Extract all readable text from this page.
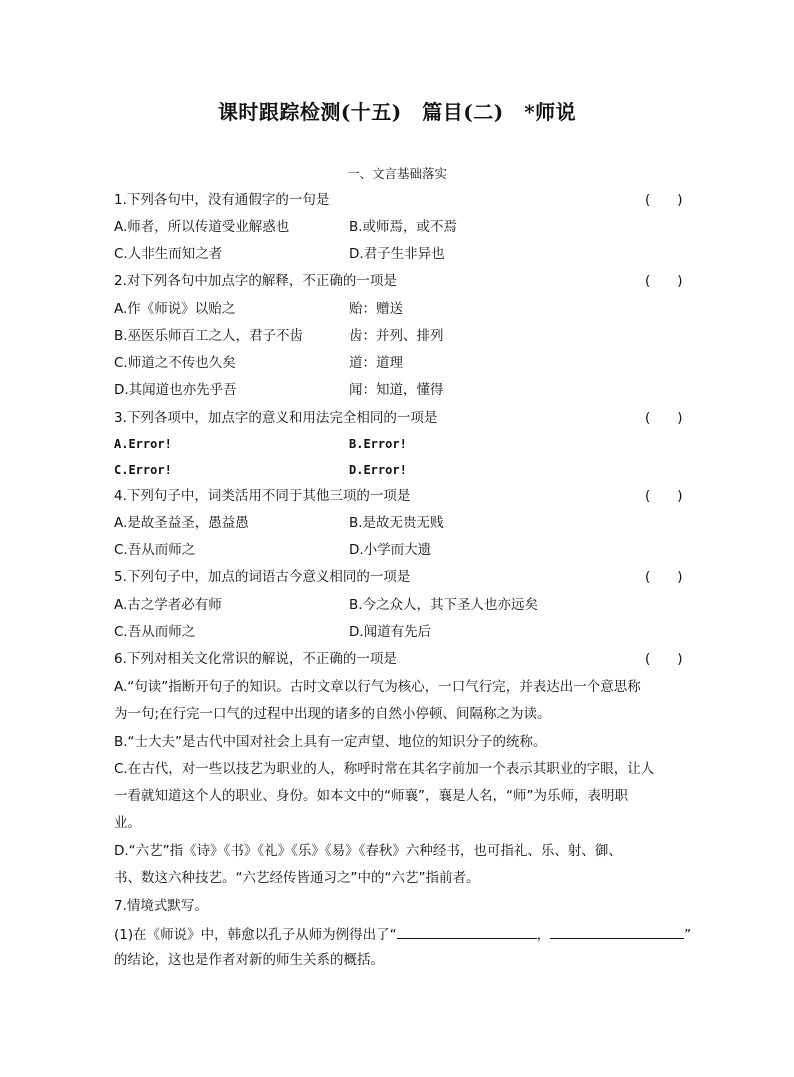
课时跟踪检测(十五)　篇目(二)　*师说
一、文言基础落实
1.下列各句中，没有通假字的一句是	(　　)
A.师者，所以传道受业解惑也	B.或师焉，或不焉
C.人非生而知之者	D.君子生非异也
2.对下列各句中加点字的解释，不正确的一项是	(　　)
A.作《师说》以贻之	贻：赠送
B.巫医乐师百工之人，君子不齿	齿：并列、排列
C.师道之不传也久矣	道：道理
D.其闻道也亦先乎吾	闻：知道，懂得
3.下列各项中，加点字的意义和用法完全相同的一项是	(　　)
A.Error!	B.Error!
C.Error!	D.Error!
4.下列句子中，词类活用不同于其他三项的一项是	(　　)
A.是故圣益圣，愚益愚	B.是故无贵无贱
C.吾从而师之	D.小学而大遗
5.下列句子中，加点的词语古今意义相同的一项是	(　　)
A.古之学者必有师	B.今之众人，其下圣人也亦远矣
C.吾从而师之	D.闻道有先后
6.下列对相关文化常识的解说，不正确的一项是	(　　)
A.“句读”指断开句子的知识。古时文章以行气为核心，一口气行完，并表达出一个意思称
为一句;在行完一口气的过程中出现的诸多的自然小停顿、间隔称之为读。
B.“士大夫”是古代中国对社会上具有一定声望、地位的知识分子的统称。
C.在古代，对一些以技艺为职业的人，称呼时常在其名字前加一个表示其职业的字眼，让人
一看就知道这个人的职业、身份。如本文中的“师襄”，襄是人名，“师”为乐师，表明职
业。
D.“六艺”指《诗》《书》《礼》《乐》《易》《春秋》六种经书，也可指礼、乐、射、御、
书、数这六种技艺。“六艺经传皆通习之”中的“六艺”指前者。
7.情境式默写。
(1)在《师说》中，韩愈以孔子从师为例得出了“	，	”
的结论，这也是作者对新的师生关系的概括。
